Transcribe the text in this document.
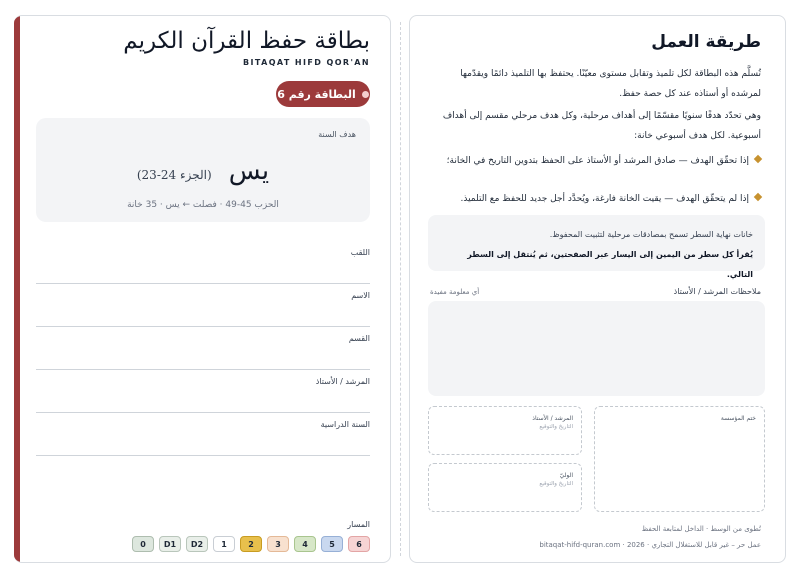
بطاقة حفظ القرآن الكريم
BITAQAT HIFD QOR'AN
البطاقة رقم 6
هدف السنة
يس (الجزء 24-23)
الحزب 45-49 · فصلت ← يس · 35 خانة
اللقب
الاسم
القسم
المرشد / الأستاذ
السنة الدراسية
المسار
6
5
4
3
2
1
D2
D1
0
طريقة العمل
تُسلَّم هذه البطاقة لكل تلميذ وتقابل مستوى معيّنًا. يحتفظ بها التلميذ دائمًا ويقدّمها لمرشده أو أستاذه عند كل حصة حفظ.
وهي تحدّد هدفًا سنويًا مقسّمًا إلى أهداف مرحلية، وكل هدف مرحلي مقسم إلى أهداف أسبوعية. لكل هدف أسبوعي خانة:
إذا تحقّق الهدف — صادق المرشد أو الأستاذ على الحفظ بتدوين التاريخ في الخانة؛
إذا لم يتحقّق الهدف — يقيت الخانة فارغة، ويُحدَّد أجل جديد للحفظ مع التلميذ.
خانات نهاية السطر تسمح بمصادقات مرحلية لتثبيت المحفوظ.
يُقرأ كل سطر من اليمين إلى اليسار عبر الصفحتين، ثم يُنتقل إلى السطر التالي.
ملاحظات المرشد / الأستاذ
أي معلومة مفيدة
ختم المؤسسة
المرشد / الأستاذ
التاريخ والتوقيع
الوليّ
التاريخ والتوقيع
تُطوى من الوسط · الداخل لمتابعة الحفظ
عمل حر – غير قابل للاستغلال التجاري · bitaqat-hifd-quran.com · 2026
